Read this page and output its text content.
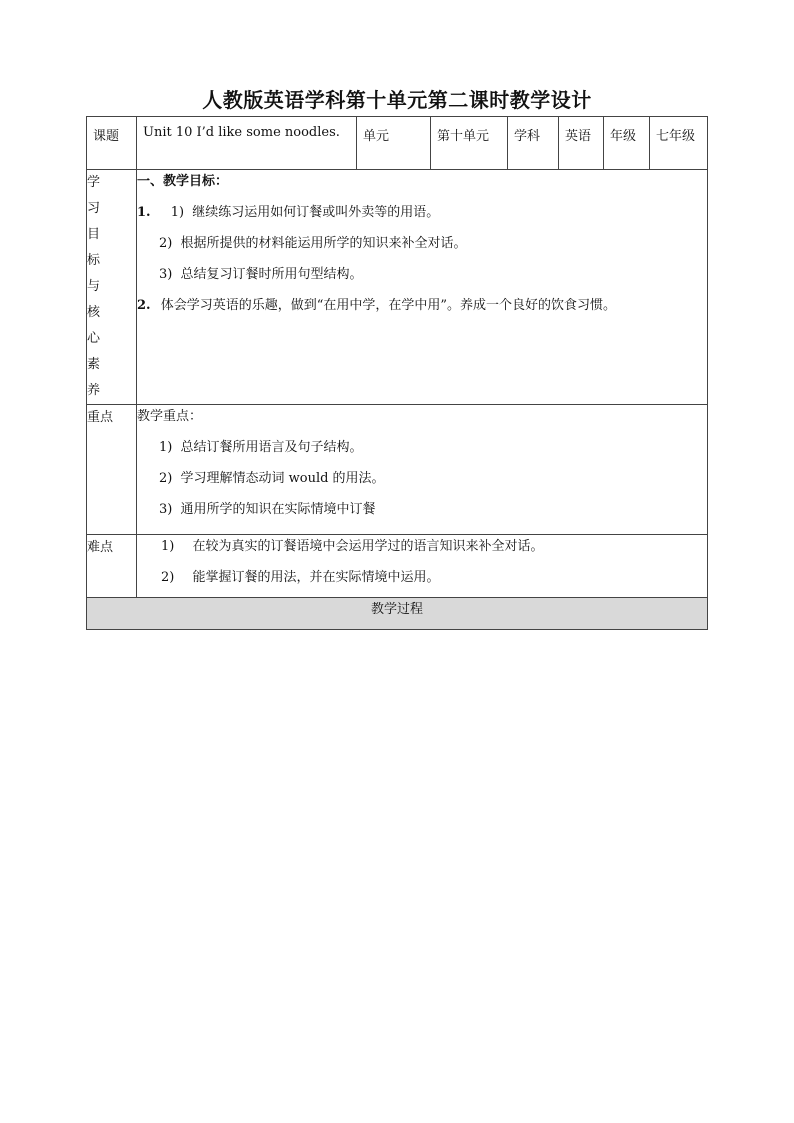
人教版英语学科第十单元第二课时教学设计
课题	Unit 10 I’d like some noodles.	单元	第十单元	学科	英语	年级	七年级

学习目标与核心素养	一、教学目标：
1. 1) 继续练习运用如何订餐或叫外卖等的用语。
2) 根据所提供的材料能运用所学的知识来补全对话。
3) 总结复习订餐时所用句型结构。
2. 体会学习英语的乐趣，做到“在用中学，在学中用”。养成一个良好的饮食习惯。						

重点	教学重点：
1) 总结订餐所用语言及句子结构。
2) 学习理解情态动词 would 的用法。
3) 通用所学的知识在实际情境中订餐						

难点	1) 在较为真实的订餐语境中会运用学过的语言知识来补全对话。
2) 能掌握订餐的用法，并在实际情境中运用。						

教学过程							
